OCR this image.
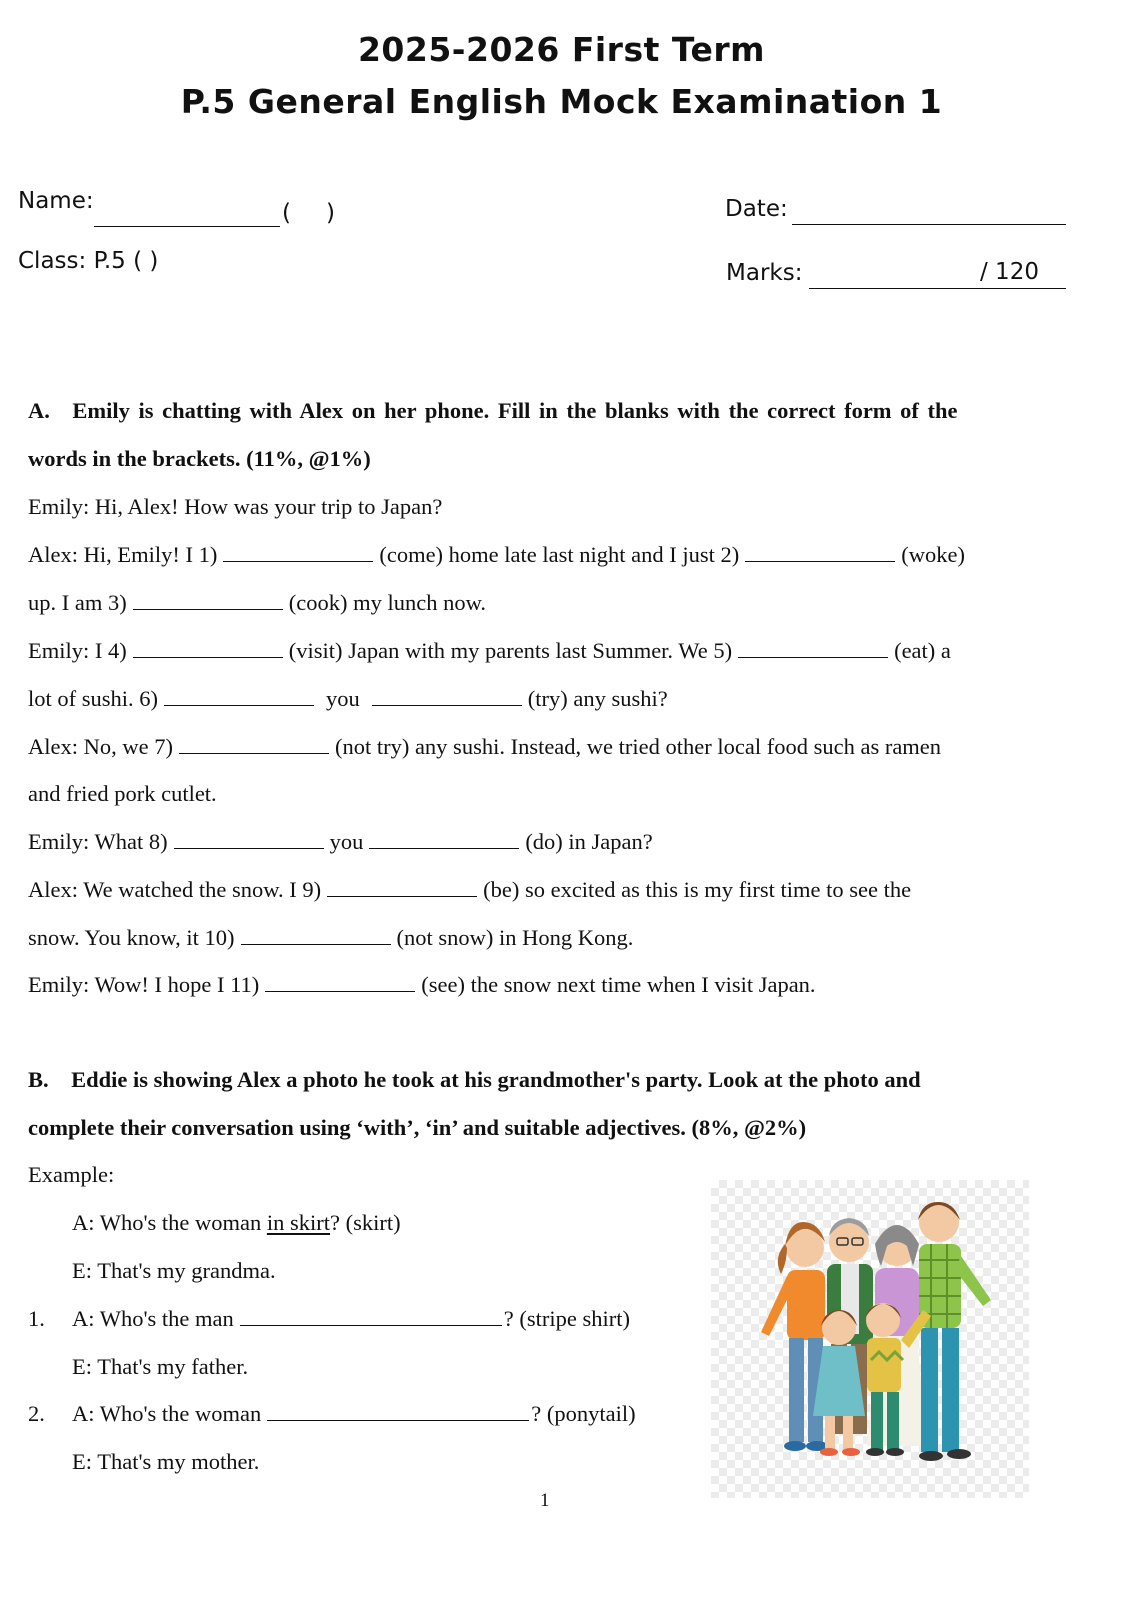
2025-2026 First Term
P.5 General English Mock Examination 1
Name:	( )	Date:
Class: P.5 ( )	Marks:	/ 120
A. Emily is chatting with Alex on her phone. Fill in the blanks with the correct form of the
words in the brackets. (11%, @1%)
Emily: Hi, Alex! How was your trip to Japan?
Alex: Hi, Emily! I 1)	(come) home late last night and I just 2)	(woke)
up. I am 3)	(cook) my lunch now.
Emily: I 4)	(visit) Japan with my parents last Summer. We 5)	(eat) a
lot of sushi. 6)	you	(try) any sushi?
Alex: No, we 7)	(not try) any sushi. Instead, we tried other local food such as ramen
and fried pork cutlet.
Emily: What 8)	you	(do) in Japan?
Alex: We watched the snow. I 9)	(be) so excited as this is my first time to see the
snow. You know, it 10)	(not snow) in Hong Kong.
Emily: Wow! I hope I 11)	(see) the snow next time when I visit Japan.
B. Eddie is showing Alex a photo he took at his grandmother's party. Look at the photo and
complete their conversation using ‘with’, ‘in’ and suitable adjectives. (8%, @2%)
Example:
A: Who's the woman in skirt? (skirt)
E: That's my grandma.
1. A: Who's the man	? (stripe shirt)
E: That's my father.
2. A: Who's the woman	? (ponytail)
E: That's my mother.
1
